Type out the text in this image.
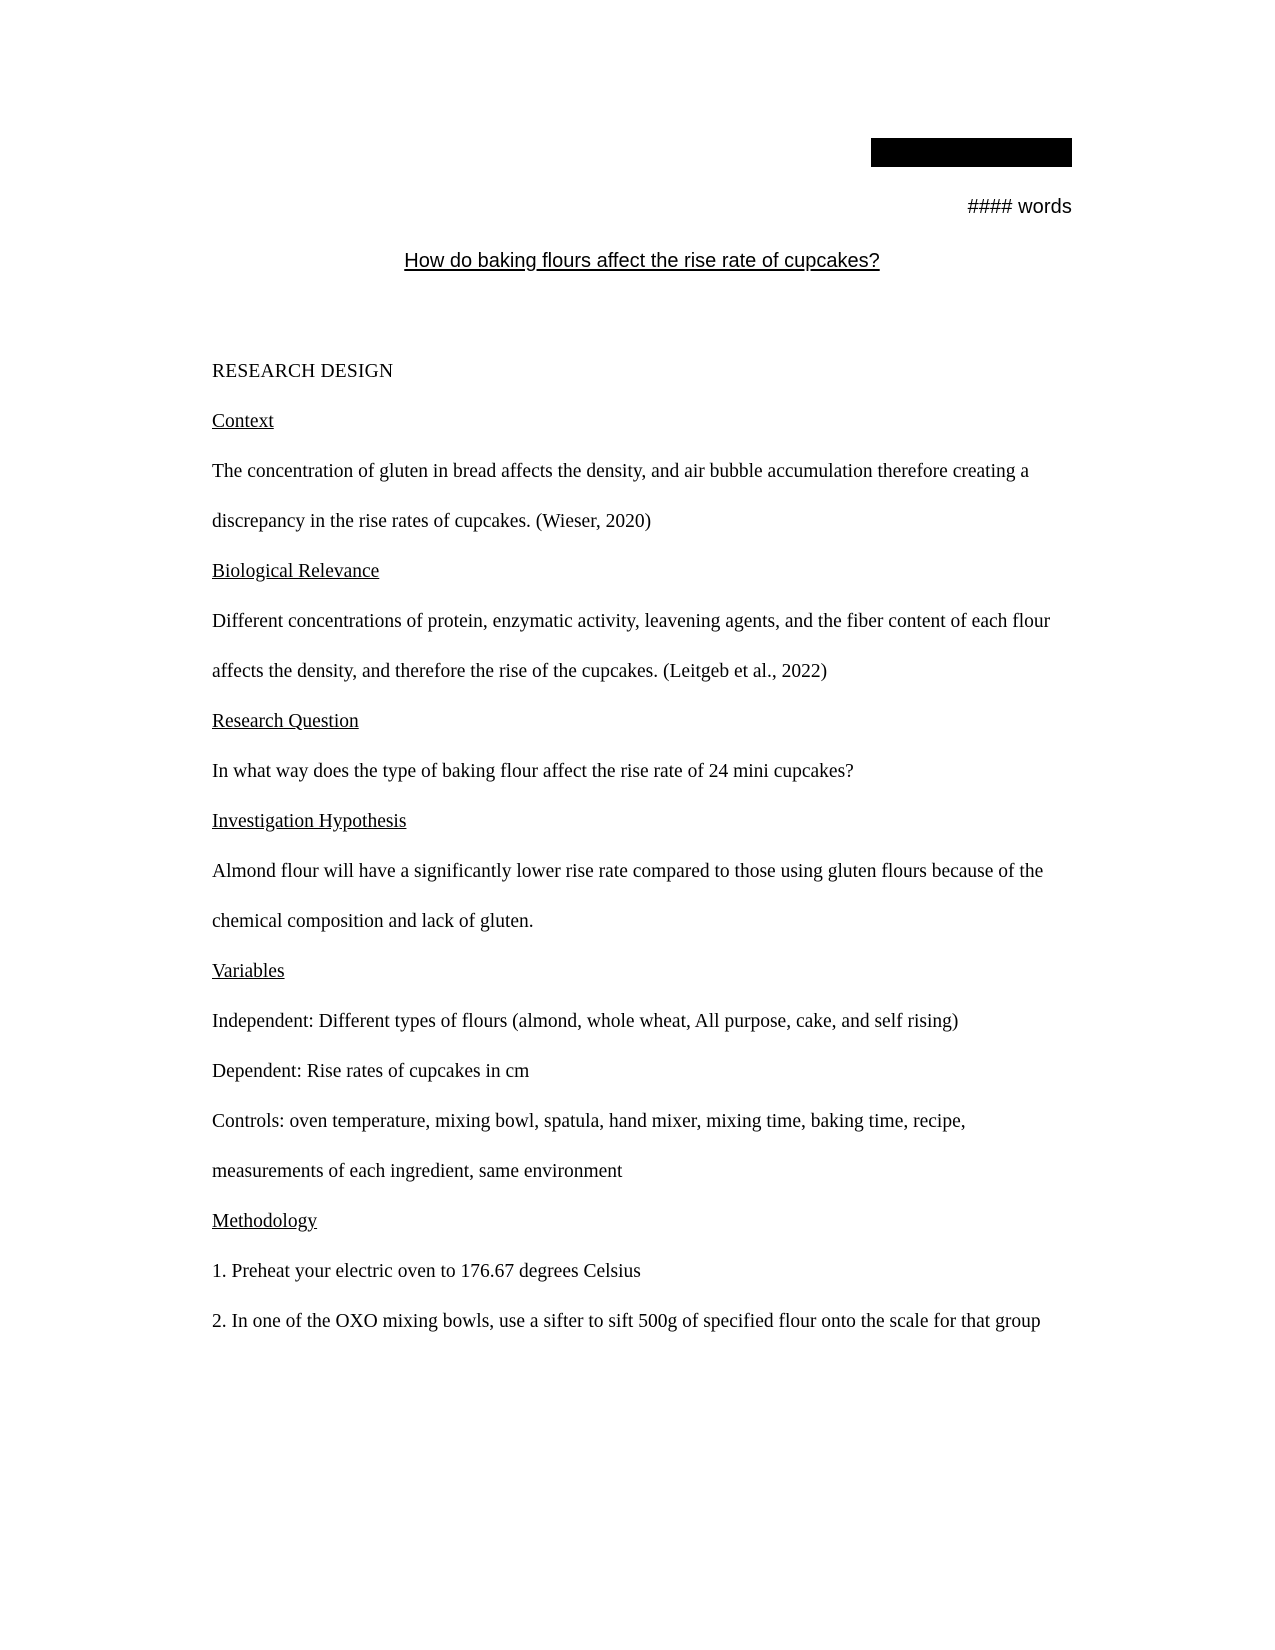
#### words
How do baking flours affect the rise rate of cupcakes?
RESEARCH DESIGN
Context
The concentration of gluten in bread affects the density, and air bubble accumulation therefore creating a discrepancy in the rise rates of cupcakes. (Wieser, 2020)
Biological Relevance
Different concentrations of protein, enzymatic activity, leavening agents, and the fiber content of each flour affects the density, and therefore the rise of the cupcakes. (Leitgeb et al., 2022)
Research Question
In what way does the type of baking flour affect the rise rate of 24 mini cupcakes?
Investigation Hypothesis
Almond flour will have a significantly lower rise rate compared to those using gluten flours because of the chemical composition and lack of gluten.
Variables
Independent: Different types of flours (almond, whole wheat, All purpose, cake, and self rising)
Dependent: Rise rates of cupcakes in cm
Controls: oven temperature, mixing bowl, spatula, hand mixer, mixing time, baking time, recipe, measurements of each ingredient, same environment
Methodology
1. Preheat your electric oven to 176.67 degrees Celsius
2. In one of the OXO mixing bowls, use a sifter to sift 500g of specified flour onto the scale for that group
